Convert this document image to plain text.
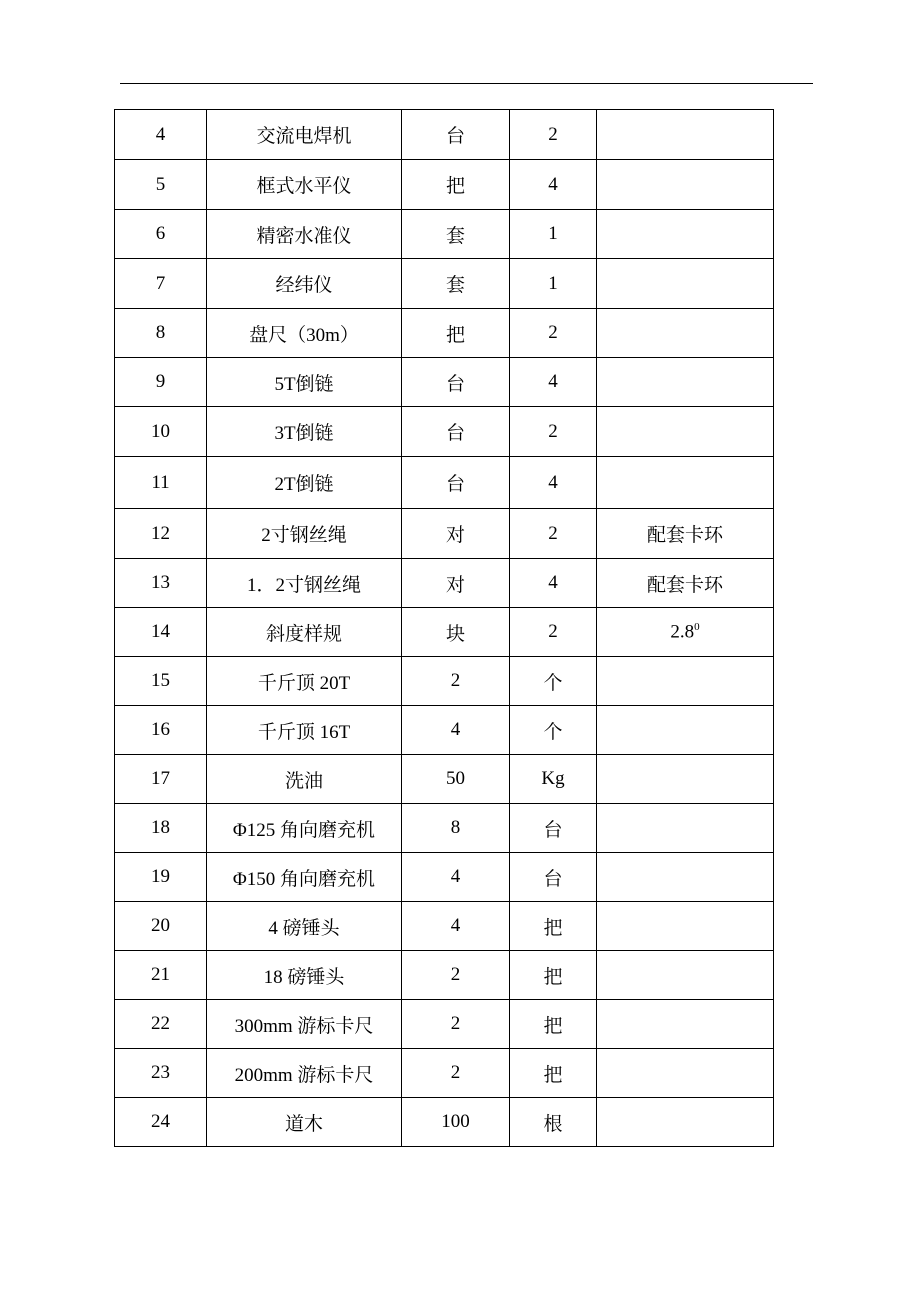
4	交流电焊机	台	2	
5	框式水平仪	把	4	
6	精密水准仪	套	1	
7	经纬仪	套	1	
8	盘尺（30m）	把	2	
9	5T倒链	台	4	
10	3T倒链	台	2	
11	2T倒链	台	4	
12	2寸钢丝绳	对	2	配套卡环
13	1．2寸钢丝绳	对	4	配套卡环
14	斜度样规	块	2	$2.8^0$
15	千斤顶 20T	2	个	
16	千斤顶 16T	4	个	
17	洗油	50	Kg	
18	Φ125 角向磨充机	8	台	
19	Φ150 角向磨充机	4	台	
20	4 磅锤头	4	把	
21	18 磅锤头	2	把	
22	300mm 游标卡尺	2	把	
23	200mm 游标卡尺	2	把	
24	道木	100	根	
